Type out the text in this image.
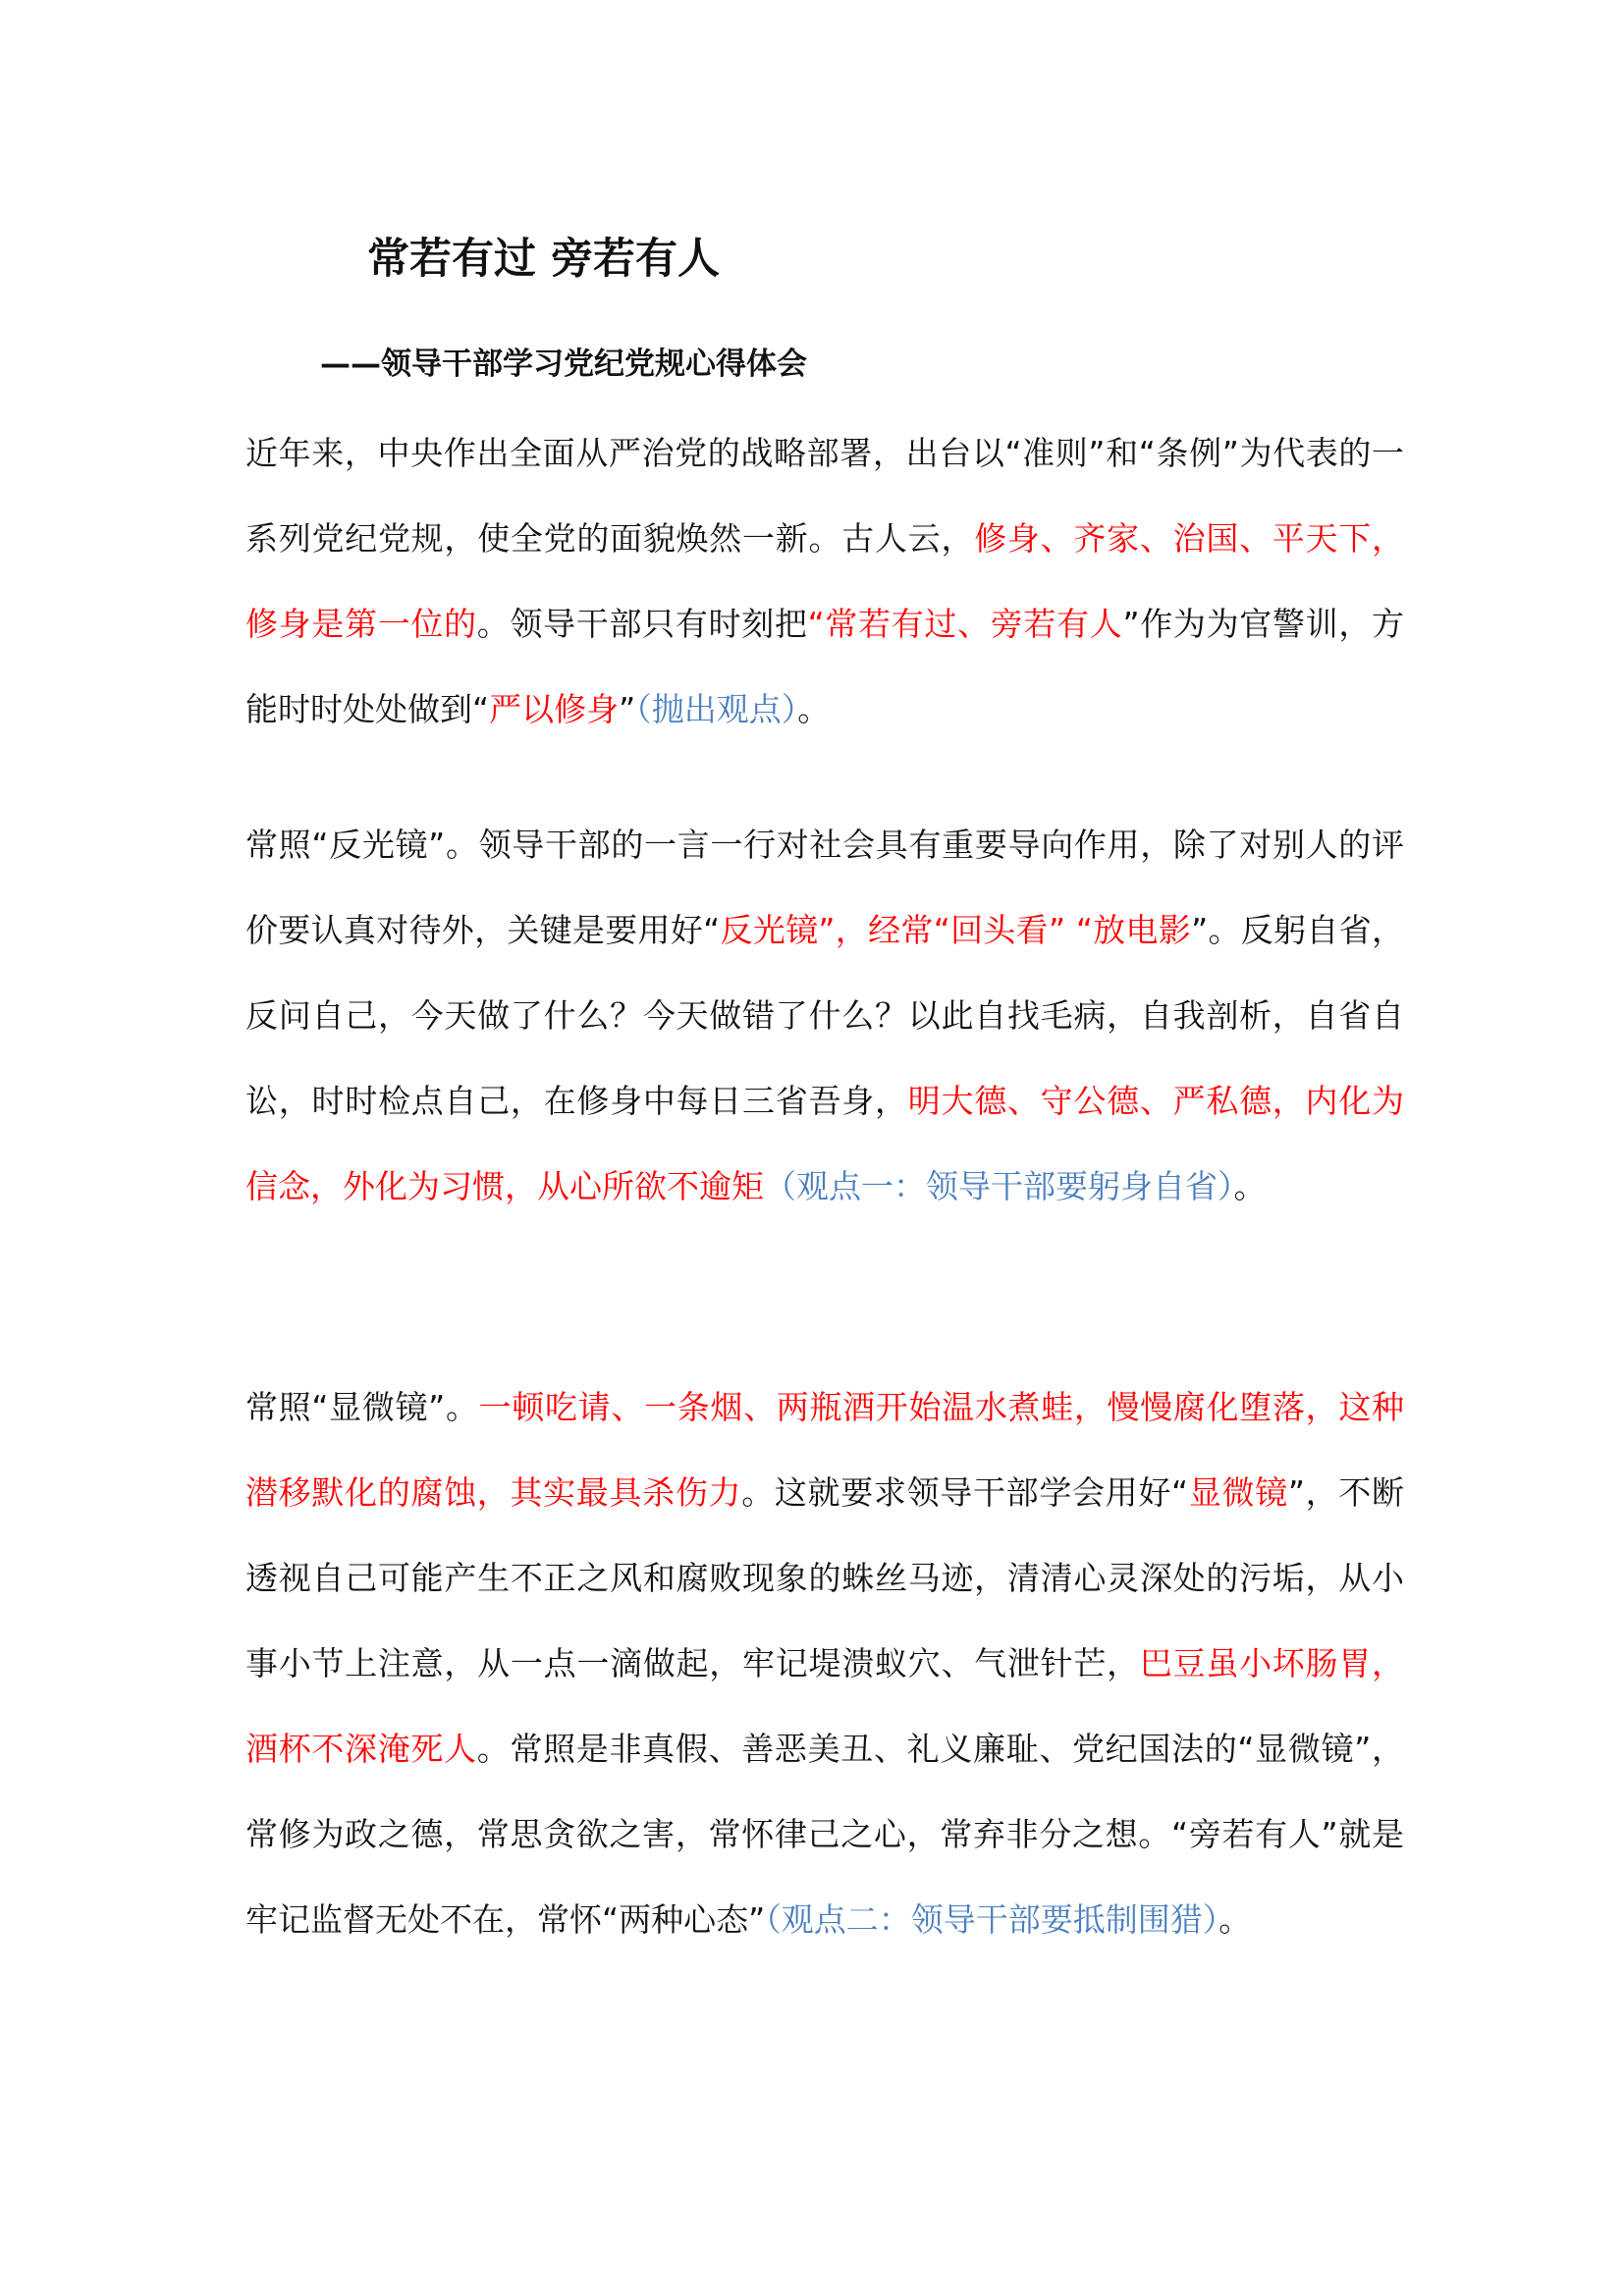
常若有过 旁若有人
——领导干部学习党纪党规心得体会

近年来，中央作出全面从严治党的战略部署，出台以“准则”和“条例”为代表的一系列党纪党规，使全党的面貌焕然一新。古人云，修身、齐家、治国、平天下，修身是第一位的。领导干部只有时刻把“常若有过、旁若有人”作为为官警训，方能时时处处做到“严以修身”（抛出观点）。

常照“反光镜”。领导干部的一言一行对社会具有重要导向作用，除了对别人的评价要认真对待外，关键是要用好“反光镜”，经常“回头看” “放电影”。反躬自省，反问自己，今天做了什么？今天做错了什么？以此自找毛病，自我剖析，自省自讼，时时检点自己，在修身中每日三省吾身，明大德、守公德、严私德，内化为信念，外化为习惯，从心所欲不逾矩（观点一：领导干部要躬身自省）。

常照“显微镜”。一顿吃请、一条烟、两瓶酒开始温水煮蛙，慢慢腐化堕落，这种潜移默化的腐蚀，其实最具杀伤力。这就要求领导干部学会用好“显微镜”，不断透视自己可能产生不正之风和腐败现象的蛛丝马迹，清清心灵深处的污垢，从小事小节上注意，从一点一滴做起，牢记堤溃蚁穴、气泄针芒，巴豆虽小坏肠胃，酒杯不深淹死人。常照是非真假、善恶美丑、礼义廉耻、党纪国法的“显微镜”，常修为政之德，常思贪欲之害，常怀律己之心，常弃非分之想。“旁若有人”就是牢记监督无处不在，常怀“两种心态”（观点二：领导干部要抵制围猎）。
